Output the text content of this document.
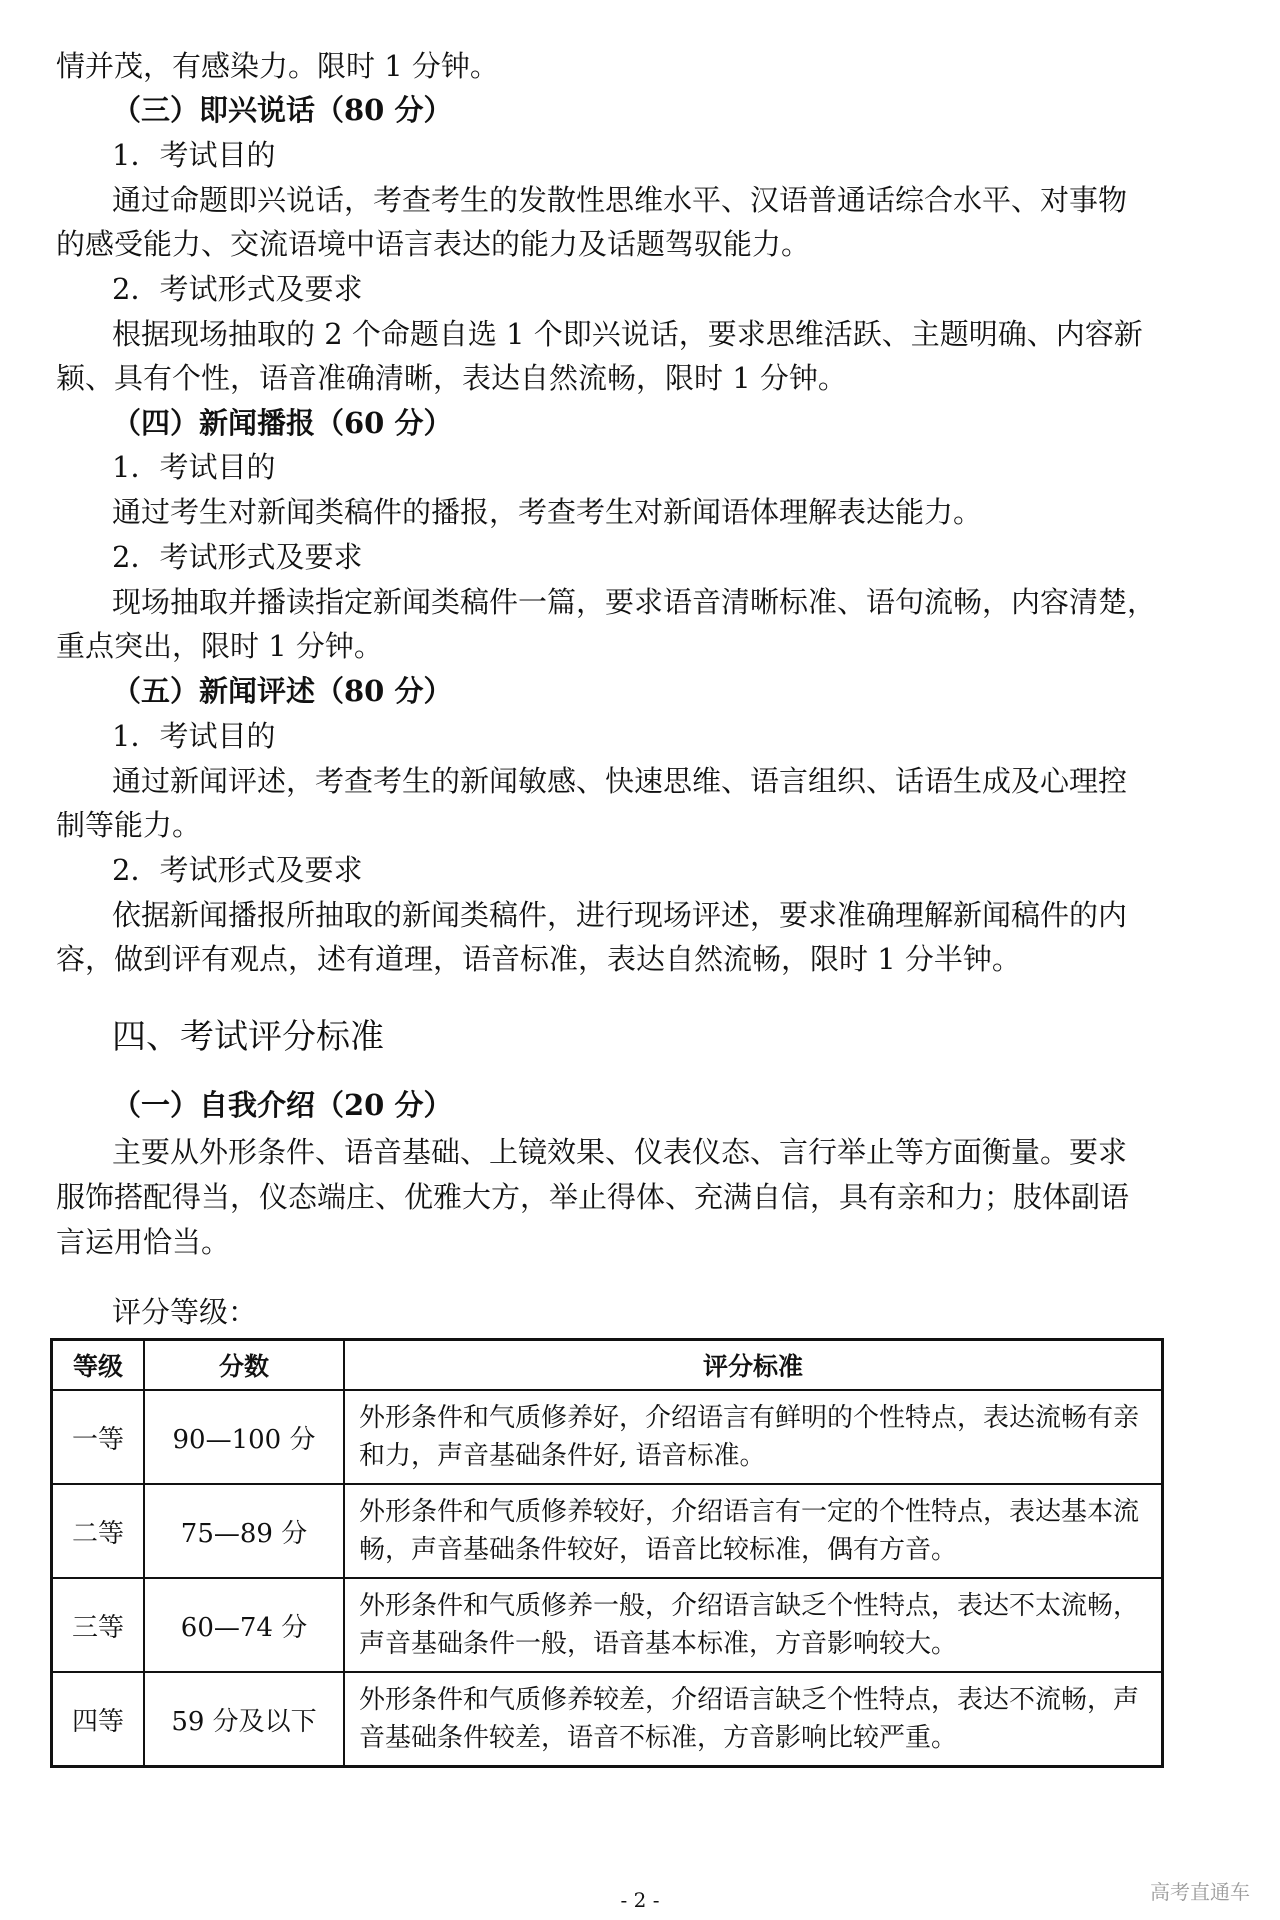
情并茂，有感染力。限时 1 分钟。
（三）即兴说话（80 分）
1．考试目的
通过命题即兴说话，考查考生的发散性思维水平、汉语普通话综合水平、对事物
的感受能力、交流语境中语言表达的能力及话题驾驭能力。
2．考试形式及要求
根据现场抽取的 2 个命题自选 1 个即兴说话，要求思维活跃、主题明确、内容新
颖、具有个性，语音准确清晰，表达自然流畅，限时 1 分钟。
（四）新闻播报（60 分）
1．考试目的
通过考生对新闻类稿件的播报，考查考生对新闻语体理解表达能力。
2．考试形式及要求
现场抽取并播读指定新闻类稿件一篇，要求语音清晰标准、语句流畅，内容清楚，
重点突出，限时 1 分钟。
（五）新闻评述（80 分）
1．考试目的
通过新闻评述，考查考生的新闻敏感、快速思维、语言组织、话语生成及心理控
制等能力。
2．考试形式及要求
依据新闻播报所抽取的新闻类稿件，进行现场评述，要求准确理解新闻稿件的内
容，做到评有观点，述有道理，语音标准，表达自然流畅，限时 1 分半钟。
四、考试评分标准
（一）自我介绍（20 分）
主要从外形条件、语音基础、上镜效果、仪表仪态、言行举止等方面衡量。要求
服饰搭配得当，仪态端庄、优雅大方，举止得体、充满自信，具有亲和力；肢体副语
言运用恰当。
评分等级：
等级	分数	评分标准
一等	90—100 分	外形条件和气质修养好，介绍语言有鲜明的个性特点，表达流畅有亲和力，声音基础条件好, 语音标准。
二等	75—89 分	外形条件和气质修养较好，介绍语言有一定的个性特点，表达基本流畅，声音基础条件较好，语音比较标准，偶有方音。
三等	60—74 分	外形条件和气质修养一般，介绍语言缺乏个性特点，表达不太流畅，声音基础条件一般，语音基本标准，方音影响较大。
四等	59 分及以下	外形条件和气质修养较差，介绍语言缺乏个性特点，表达不流畅，声音基础条件较差，语音不标准，方音影响比较严重。
- 2 -	高考直通车
